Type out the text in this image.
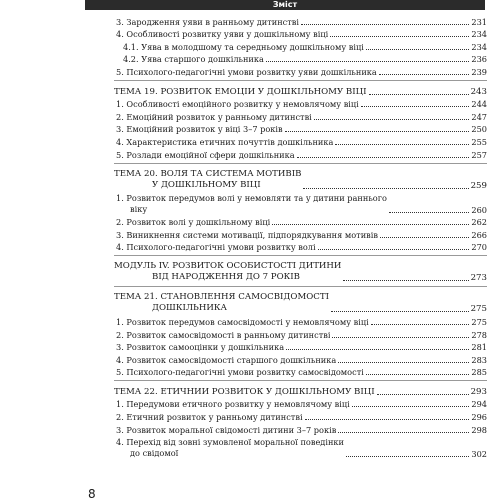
Зміст
3. Зародження уяви в ранньому дитинстві	231
4. Особливості розвитку уяви у дошкільному віці	234
4.1. Уява в молодшому та середньому дошкільному віці	234
4.2. Уява старшого дошкільника	236
5. Психолого-педагогічні умови розвитку уяви дошкільника	239
ТЕМА 19. РОЗВИТОК ЕМОЦІЙ У ДОШКІЛЬНОМУ ВІЦІ	243
1. Особливості емоційного розвитку у немовлячому віці	244
2. Емоційний розвиток у ранньому дитинстві	247
3. Емоційний розвиток у віці 3–7 років	250
4. Характеристика етичних почуттів дошкільника	255
5. Розлади емоційної сфери дошкільника	257
ТЕМА 20. ВОЛЯ ТА СИСТЕМА МОТИВІВ
У ДОШКІЛЬНОМУ ВІЦІ	259
1. Розвиток передумов волі у немовляти та у дитини раннього
віку	260
2. Розвиток волі у дошкільному віці	262
3. Виникнення системи мотивації, підпорядкування мотивів	266
4. Психолого-педагогічні умови розвитку волі	270
МОДУЛЬ IV. РОЗВИТОК ОСОБИСТОСТІ ДИТИНИ
ВІД НАРОДЖЕННЯ ДО 7 РОКІВ	273
ТЕМА 21. СТАНОВЛЕННЯ САМОСВІДОМОСТІ
ДОШКІЛЬНИКА	275
1. Розвиток передумов самосвідомості у немовлячому віці	275
2. Розвиток самосвідомості в ранньому дитинстві	278
3. Розвиток самооцінки у дошкільника	281
4. Розвиток самосвідомості старшого дошкільника	283
5. Психолого-педагогічні умови розвитку самосвідомості	285
ТЕМА 22. ЕТИЧНИЙ РОЗВИТОК У ДОШКІЛЬНОМУ ВІЦІ	293
1. Передумови етичного розвитку у немовлячому віці	294
2. Етичний розвиток у ранньому дитинстві	296
3. Розвиток моральної свідомості дитини 3–7 років	298
4. Перехід від зовні зумовленої моральної поведінки
до свідомої	302
8
